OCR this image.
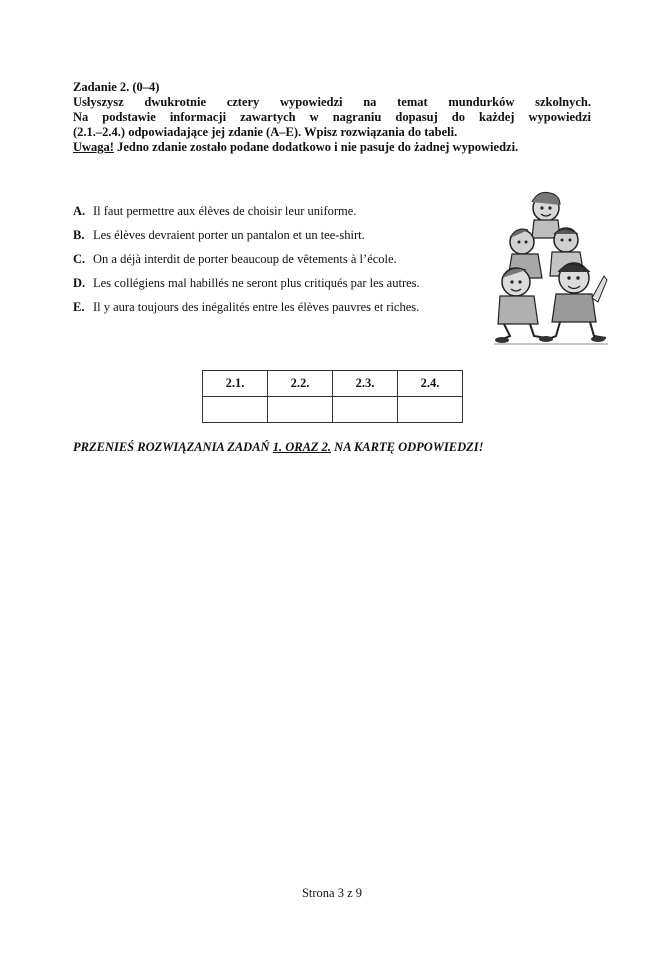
Zadanie 2. (0–4)
Usłyszysz dwukrotnie cztery wypowiedzi na temat mundurków szkolnych.
Na podstawie informacji zawartych w nagraniu dopasuj do każdej wypowiedzi
(2.1.–2.4.) odpowiadające jej zdanie (A–E). Wpisz rozwiązania do tabeli.
Uwaga! Jedno zdanie zostało podane dodatkowo i nie pasuje do żadnej wypowiedzi.
A. Il faut permettre aux élèves de choisir leur uniforme.
B. Les élèves devraient porter un pantalon et un tee-shirt.
C. On a déjà interdit de porter beaucoup de vêtements à l’école.
D. Les collégiens mal habillés ne seront plus critiqués par les autres.
E. Il y aura toujours des inégalités entre les élèves pauvres et riches.
2.1.	2.2.	2.3.	2.4.

PRZENIEŚ ROZWIĄZANIA ZADAŃ 1. ORAZ 2. NA KARTĘ ODPOWIEDZI!
Strona 3 z 9
